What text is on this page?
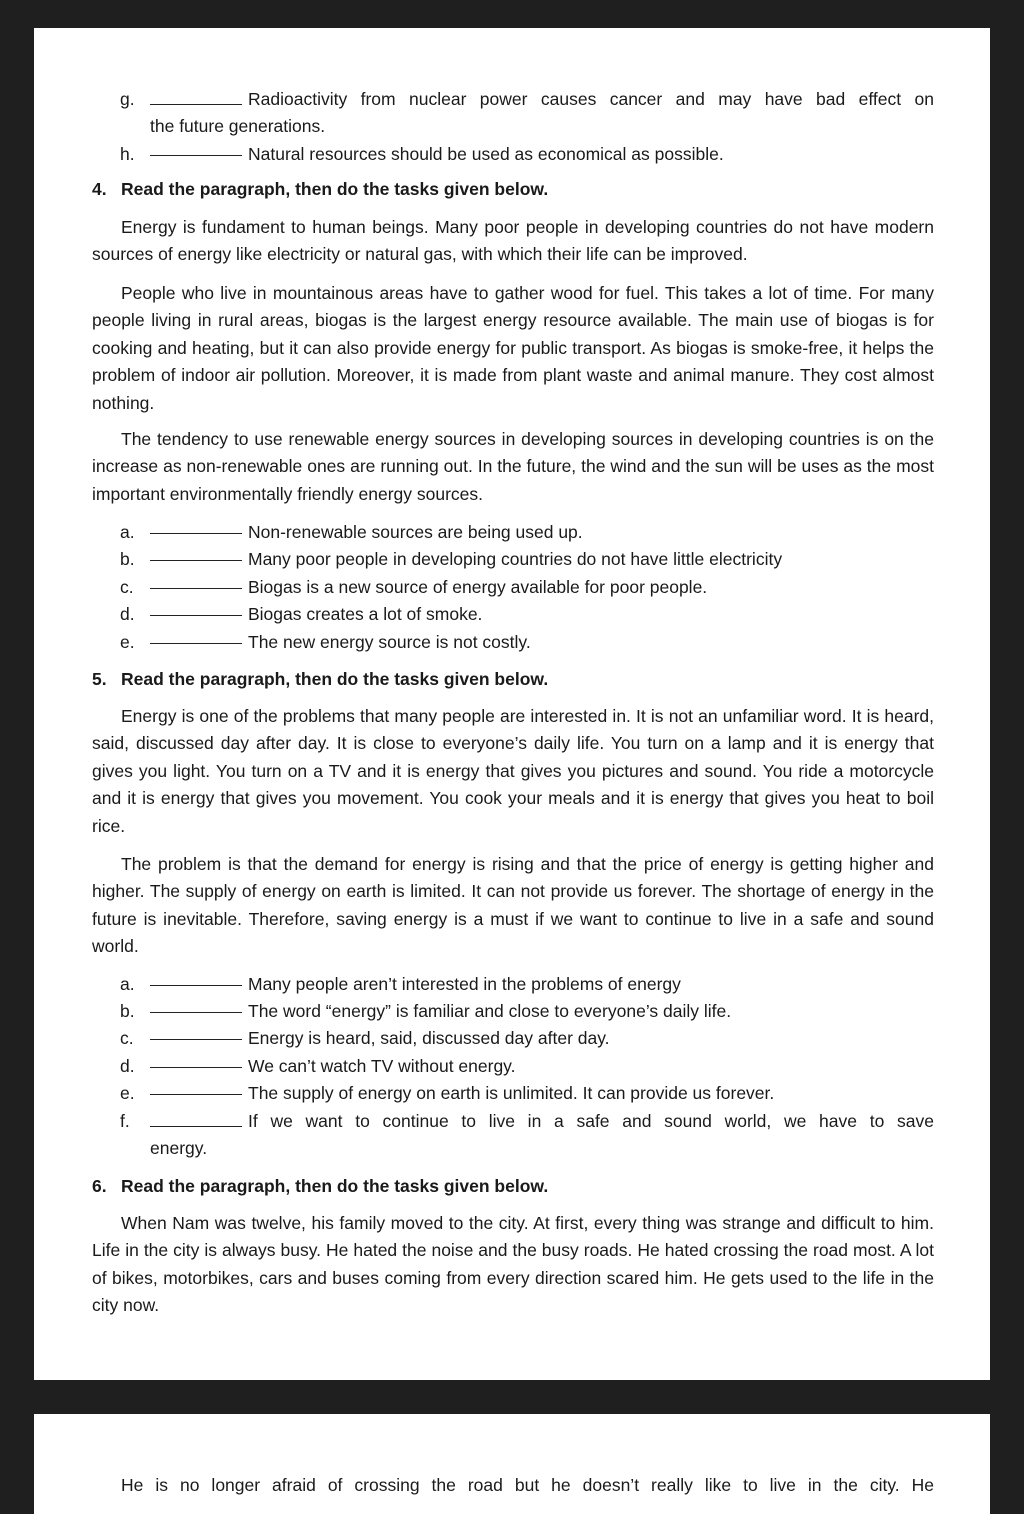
g.	Radioactivity from nuclear power causes cancer and may have bad effect on
the future generations.
h.	Natural resources should be used as economical as possible.
4. Read the paragraph, then do the tasks given below.
Energy is fundament to human beings. Many poor people in developing countries do not have modern sources of energy like electricity or natural gas, with which their life can be improved.
People who live in mountainous areas have to gather wood for fuel. This takes a lot of time. For many people living in rural areas, biogas is the largest energy resource available. The main use of biogas is for cooking and heating, but it can also provide energy for public transport. As biogas is smoke-free, it helps the problem of indoor air pollution. Moreover, it is made from plant waste and animal manure. They cost almost nothing.
The tendency to use renewable energy sources in developing sources in developing countries is on the increase as non-renewable ones are running out. In the future, the wind and the sun will be uses as the most important environmentally friendly energy sources.
a.	Non-renewable sources are being used up.
b.	Many poor people in developing countries do not have little electricity
c.	Biogas is a new source of energy available for poor people.
d.	Biogas creates a lot of smoke.
e.	The new energy source is not costly.
5. Read the paragraph, then do the tasks given below.
Energy is one of the problems that many people are interested in. It is not an unfamiliar word. It is heard, said, discussed day after day. It is close to everyone’s daily life. You turn on a lamp and it is energy that gives you light. You turn on a TV and it is energy that gives you pictures and sound. You ride a motorcycle and it is energy that gives you movement. You cook your meals and it is energy that gives you heat to boil rice.
The problem is that the demand for energy is rising and that the price of energy is getting higher and higher. The supply of energy on earth is limited. It can not provide us forever. The shortage of energy in the future is inevitable. Therefore, saving energy is a must if we want to continue to live in a safe and sound world.
a.	Many people aren’t interested in the problems of energy
b.	The word “energy” is familiar and close to everyone’s daily life.
c.	Energy is heard, said, discussed day after day.
d.	We can’t watch TV without energy.
e.	The supply of energy on earth is unlimited. It can provide us forever.
f.	If we want to continue to live in a safe and sound world, we have to save
energy.
6. Read the paragraph, then do the tasks given below.
When Nam was twelve, his family moved to the city. At first, every thing was strange and difficult to him. Life in the city is always busy. He hated the noise and the busy roads. He hated crossing the road most. A lot of bikes, motorbikes, cars and buses coming from every direction scared him. He gets used to the life in the city now.
He is no longer afraid of crossing the road but he doesn’t really like to live in the city. He
